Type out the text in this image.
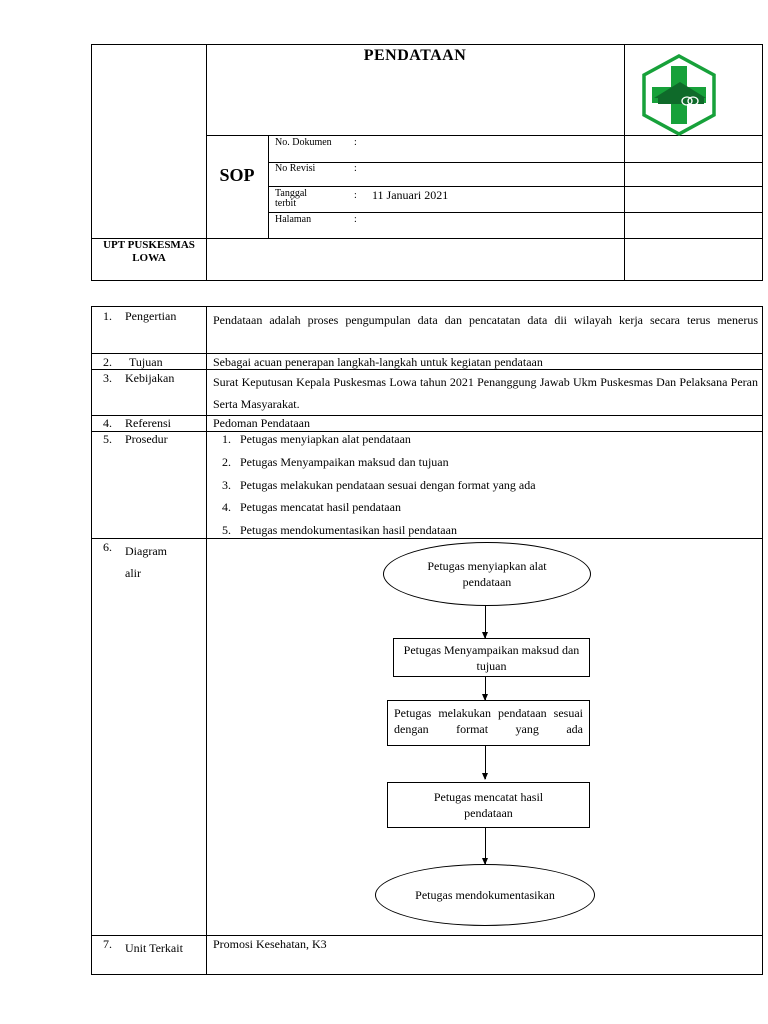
PENDATAAN
SOP
UPT PUSKESMAS LOWA
No. Dokumen	:
No Revisi	:
Tanggal terbit
: 11 Januari 2021
Halaman	:
1. Pengertian	Pendataan adalah proses pengumpulan data dan pencatatan data dii wilayah kerja secara terus menerus
2. Tujuan	Sebagai acuan penerapan langkah-langkah untuk kegiatan pendataan
3. Kebijakan	Surat Keputusan Kepala Puskesmas Lowa tahun 2021 Penanggung Jawab Ukm Puskesmas Dan Pelaksana Peran Serta Masyarakat.
4. Referensi	Pedoman Pendataan
5. Prosedur	1. Petugas menyiapkan alat pendataan
2. Petugas Menyampaikan maksud dan tujuan
3. Petugas melakukan pendataan sesuai dengan format yang ada
4. Petugas mencatat hasil pendataan
5. Petugas mendokumentasikan hasil pendataan
6. Diagram alir	Petugas menyiapkan alat pendataan
Petugas Menyampaikan maksud dan tujuan
Petugas melakukan pendataan sesuai dengan format yang ada
Petugas mencatat hasil pendataan
Petugas mendokumentasikan
7. Unit Terkait	Promosi Kesehatan, K3
